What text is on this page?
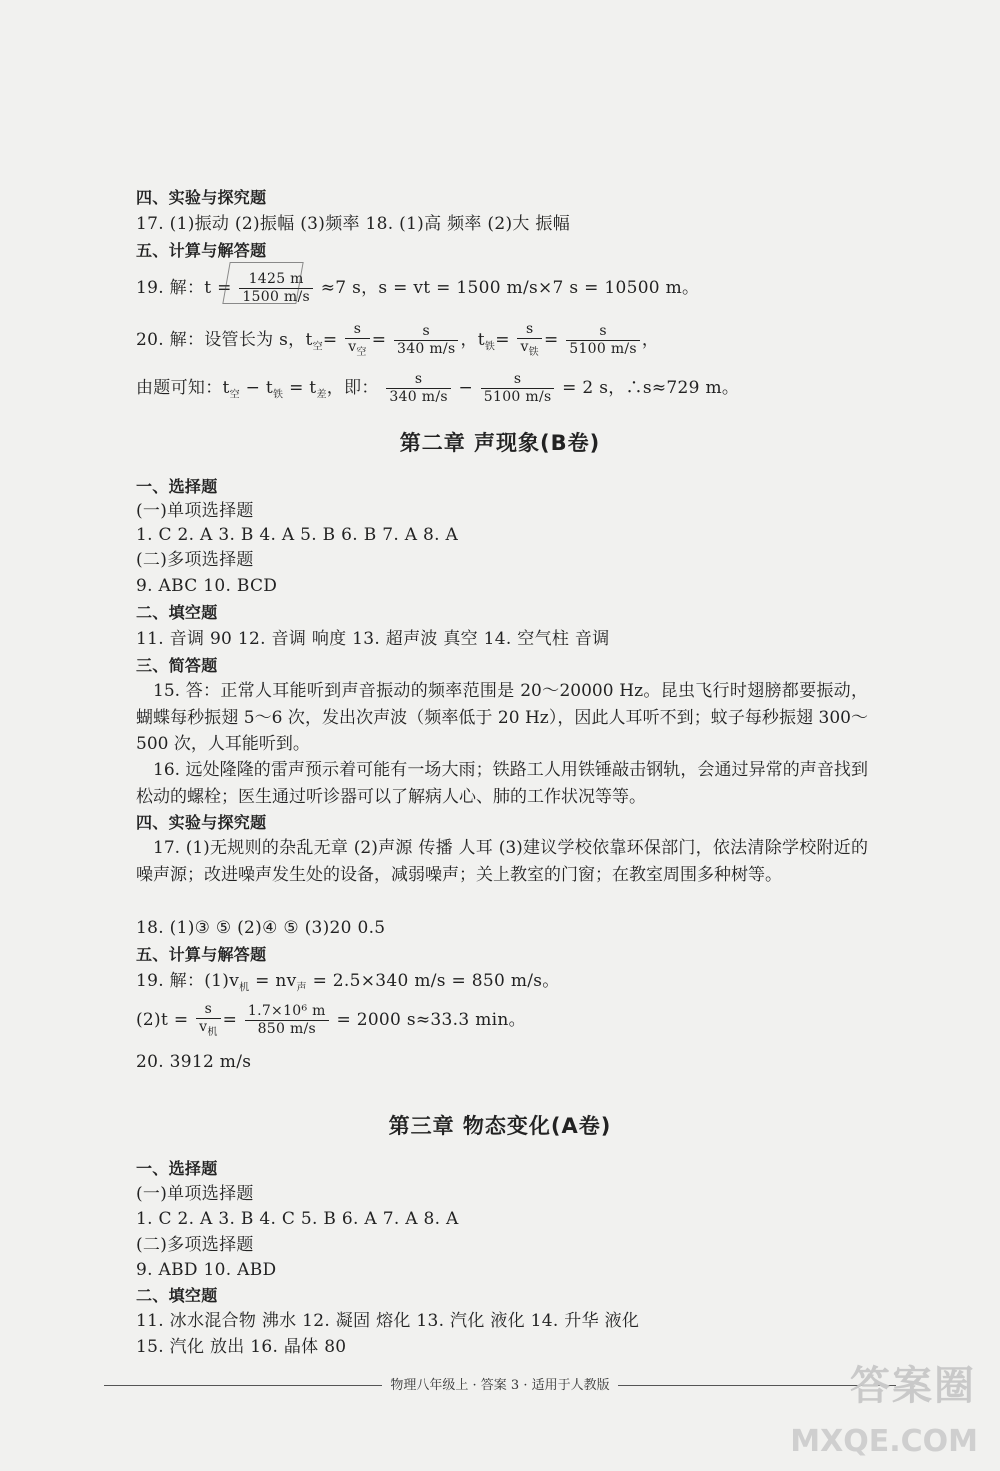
四、实验与探究题
17. (1)振动 (2)振幅 (3)频率 18. (1)高 频率 (2)大 振幅
五、计算与解答题
19. 解：$t = \frac{1425 m}{1500 m/s} \approx 7$ s，s = vt = 1500 m/s×7 s = 10500 m。
20. 解：设管长为 s，$t_空= \frac{s}{v_空} = \frac{s}{340 m/s}$ ，$t_铁= \frac{s}{v_铁} = \frac{s}{5100 m/s}$ ，
由题可知：$t_空 - t_铁 = t_差$，即： $\frac{s}{340 m/s} - \frac{s}{5100 m/s} = 2$ s，∴s≈729 m。
第二章 声现象(B卷)
一、选择题
(一)单项选择题
1. C 2. A 3. B 4. A 5. B 6. B 7. A 8. A
(二)多项选择题
9. ABC 10. BCD
二、填空题
11. 音调 90 12. 音调 响度 13. 超声波 真空 14. 空气柱 音调
三、简答题
15. 答：正常人耳能听到声音振动的频率范围是 20～20000 Hz。昆虫飞行时翅膀都要振动，蝴蝶每秒振翅 5～6 次，发出次声波（频率低于 20 Hz），因此人耳听不到；蚊子每秒振翅 300～500 次，人耳能听到。
16. 远处隆隆的雷声预示着可能有一场大雨；铁路工人用铁锤敲击钢轨，会通过异常的声音找到松动的螺栓；医生通过听诊器可以了解病人心、肺的工作状况等等。
四、实验与探究题
17. (1)无规则的杂乱无章 (2)声源 传播 人耳 (3)建议学校依靠环保部门，依法清除学校附近的噪声源；改进噪声发生处的设备，减弱噪声；关上教室的门窗；在教室周围多种树等。
18. (1)③ ⑤ (2)④ ⑤ (3)20 0.5
五、计算与解答题
19. 解：$(1)v_机 = nv_声 = 2.5\times 340$ m/s = 850 m/s。
$(2)t = \frac{s}{v_机} = \frac{\text{1.7×10⁶ m}}{850 m/s} = 2000$ s≈33.3 min。
20. 3912 m/s
第三章 物态变化(A卷)
一、选择题
(一)单项选择题
1. C 2. A 3. B 4. C 5. B 6. A 7. A 8. A
(二)多项选择题
9. ABD 10. ABD
二、填空题
11. 冰水混合物 沸水 12. 凝固 熔化 13. 汽化 液化 14. 升华 液化
15. 汽化 放出 16. 晶体 80
物理八年级上 · 答案 3 · 适用于人教版	答案圈
MXQE.COM
